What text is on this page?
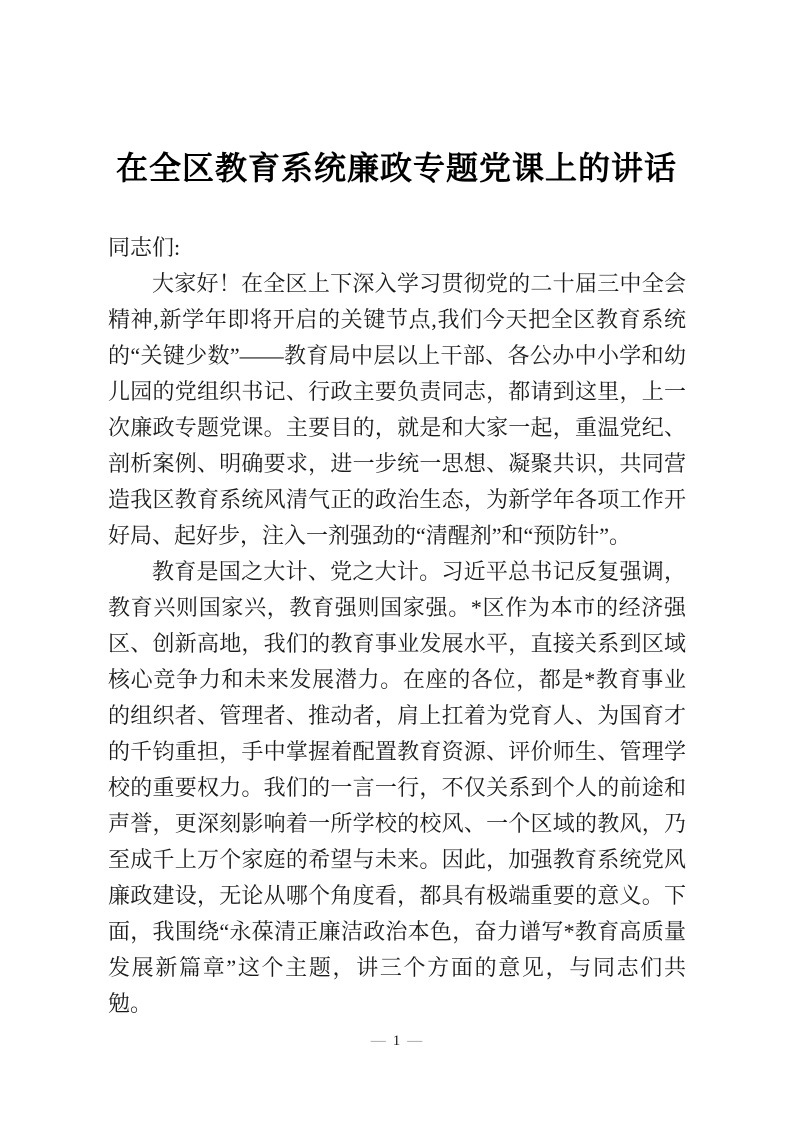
在全区教育系统廉政专题党课上的讲话

同志们:

大家好！在全区上下深入学习贯彻党的二十届三中全会精神,新学年即将开启的关键节点,我们今天把全区教育系统的“关键少数”——教育局中层以上干部、各公办中小学和幼儿园的党组织书记、行政主要负责同志，都请到这里，上一次廉政专题党课。主要目的，就是和大家一起，重温党纪、剖析案例、明确要求，进一步统一思想、凝聚共识，共同营造我区教育系统风清气正的政治生态，为新学年各项工作开好局、起好步，注入一剂强劲的“清醒剂”和“预防针”。

教育是国之大计、党之大计。习近平总书记反复强调，教育兴则国家兴，教育强则国家强。*区作为本市的经济强区、创新高地，我们的教育事业发展水平，直接关系到区域核心竞争力和未来发展潜力。在座的各位，都是*教育事业的组织者、管理者、推动者，肩上扛着为党育人、为国育才的千钧重担，手中掌握着配置教育资源、评价师生、管理学校的重要权力。我们的一言一行，不仅关系到个人的前途和声誉，更深刻影响着一所学校的校风、一个区域的教风，乃至成千上万个家庭的希望与未来。因此，加强教育系统党风廉政建设，无论从哪个角度看，都具有极端重要的意义。下面，我围绕“永葆清正廉洁政治本色，奋力谱写*教育高质量发展新篇章”这个主题，讲三个方面的意见，与同志们共勉。

— 1 —
